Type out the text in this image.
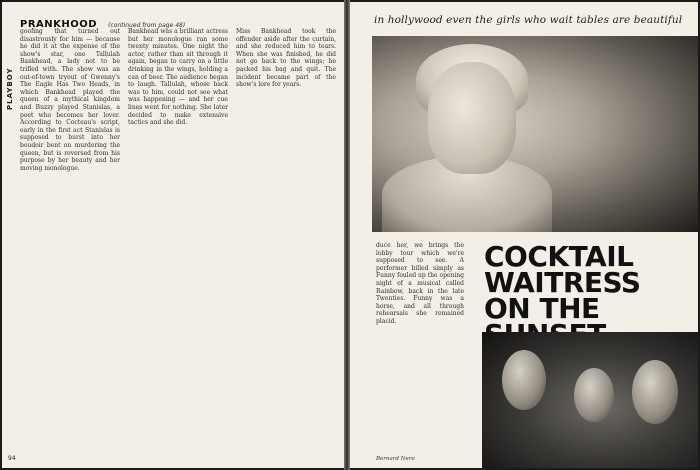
PLAYBOY
PRANKHOOD (continued from page 48)
goofing that turned out disastrously for him — because he did it at the expense of the show's star, one Tallulah Bankhead, a lady not to be trifled with. The show was an out-of-town tryout of Gwenny's The Eagle Has Two Heads, in which Bankhead played the queen of a mythical kingdom and Buzzy played Stanislas, a poet who becomes her lover. According to Cocteau's script, early in the first act Stanislas is supposed to burst into her boudoir bent on murdering the queen, but is reversed from his purpose by her beauty and her moving monologue.
Bankhead was a brilliant actress but her monologue ran some twenty minutes. One night the actor, rather than sit through it again, began to carry on a little drinking in the wings, holding a can of beer. The audience began to laugh. Tallulah, whose back was to him, could not see what was happening — and her cue lines went for nothing. She later decided to make extensive tactics and she did.
Miss Bankhead took the offender aside after the curtain, and she reduced him to tears. When she was finished, he did not go back to the wings; he packed his bag and quit. The incident became part of the show's lore for years.
94
in hollywood even the girls who wait tables are beautiful
duce her, we brings the lobby tour which we're supposed to see. A performer billed simply as Funny fouled up the opening night of a musical called Rainbow, back in the late Twenties. Funny was a horse, and all through rehearsals she remained placid.
COCKTAIL
WAITRESS
ON THE
Bernard Nero	(continued on page 92)
